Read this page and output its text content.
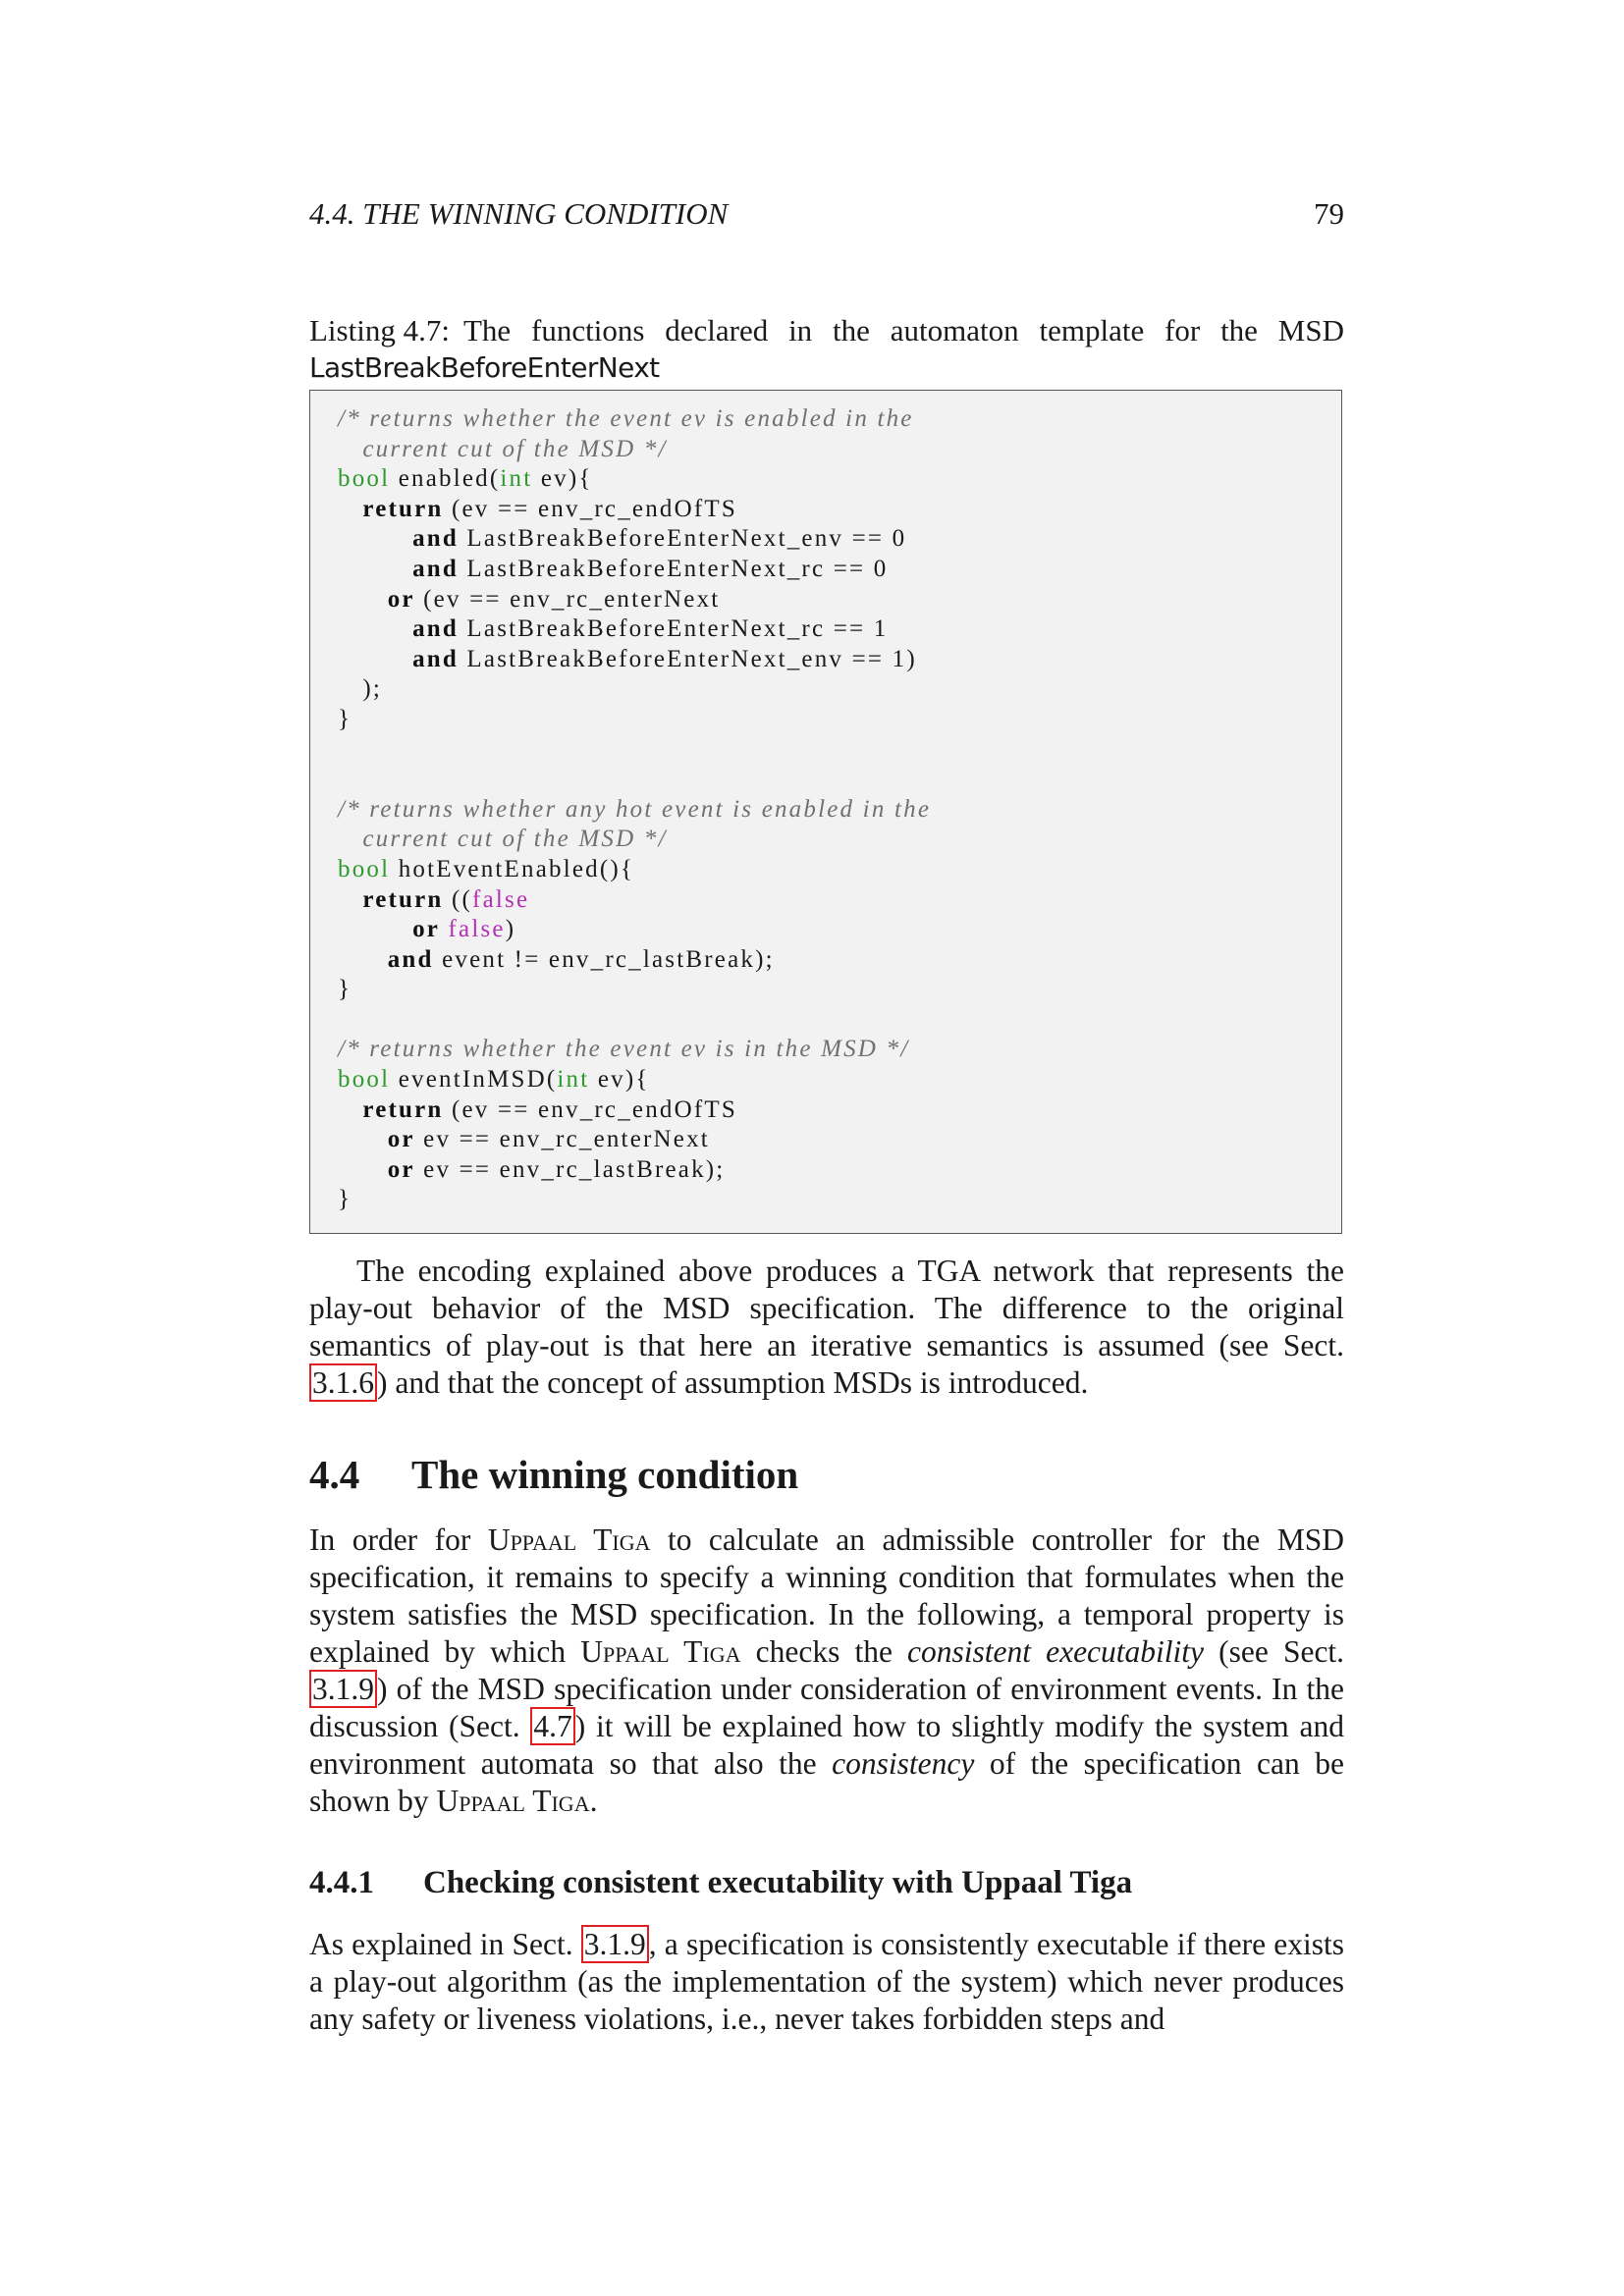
4.4. THE WINNING CONDITION	79
Listing 4.7: The functions declared in the automaton template for the MSD
LastBreakBeforeEnterNext
/* returns whether the event ev is enabled in the
current cut of the MSD */
bool enabled(int ev){
return (ev == env_rc_endOfTS
and LastBreakBeforeEnterNext_env == 0
and LastBreakBeforeEnterNext_rc == 0
or (ev == env_rc_enterNext
and LastBreakBeforeEnterNext_rc == 1
and LastBreakBeforeEnterNext_env == 1)
);
}

/* returns whether any hot event is enabled in the
current cut of the MSD */
bool hotEventEnabled(){
return ((false
or false)
and event != env_rc_lastBreak);
}

/* returns whether the event ev is in the MSD */
bool eventInMSD(int ev){
return (ev == env_rc_endOfTS
or ev == env_rc_enterNext
or ev == env_rc_lastBreak);
}
The encoding explained above produces a TGA network that represents the play-out behavior of the MSD specification. The difference to the original semantics of play-out is that here an iterative semantics is assumed (see Sect. 3.1.6) and that the concept of assumption MSDs is introduced.
4.4 The winning condition
In order for Uppaal Tiga to calculate an admissible controller for the MSD specification, it remains to specify a winning condition that formulates when the system satisfies the MSD specification. In the following, a temporal property is explained by which Uppaal Tiga checks the consistent executability (see Sect. 3.1.9) of the MSD specification under consideration of environment events. In the discussion (Sect. 4.7) it will be explained how to slightly modify the system and environment automata so that also the consistency of the specification can be shown by Uppaal Tiga.
4.4.1 Checking consistent executability with Uppaal Tiga
As explained in Sect. 3.1.9, a specification is consistently executable if there exists a play-out algorithm (as the implementation of the system) which never produces any safety or liveness violations, i.e., never takes forbidden steps and
